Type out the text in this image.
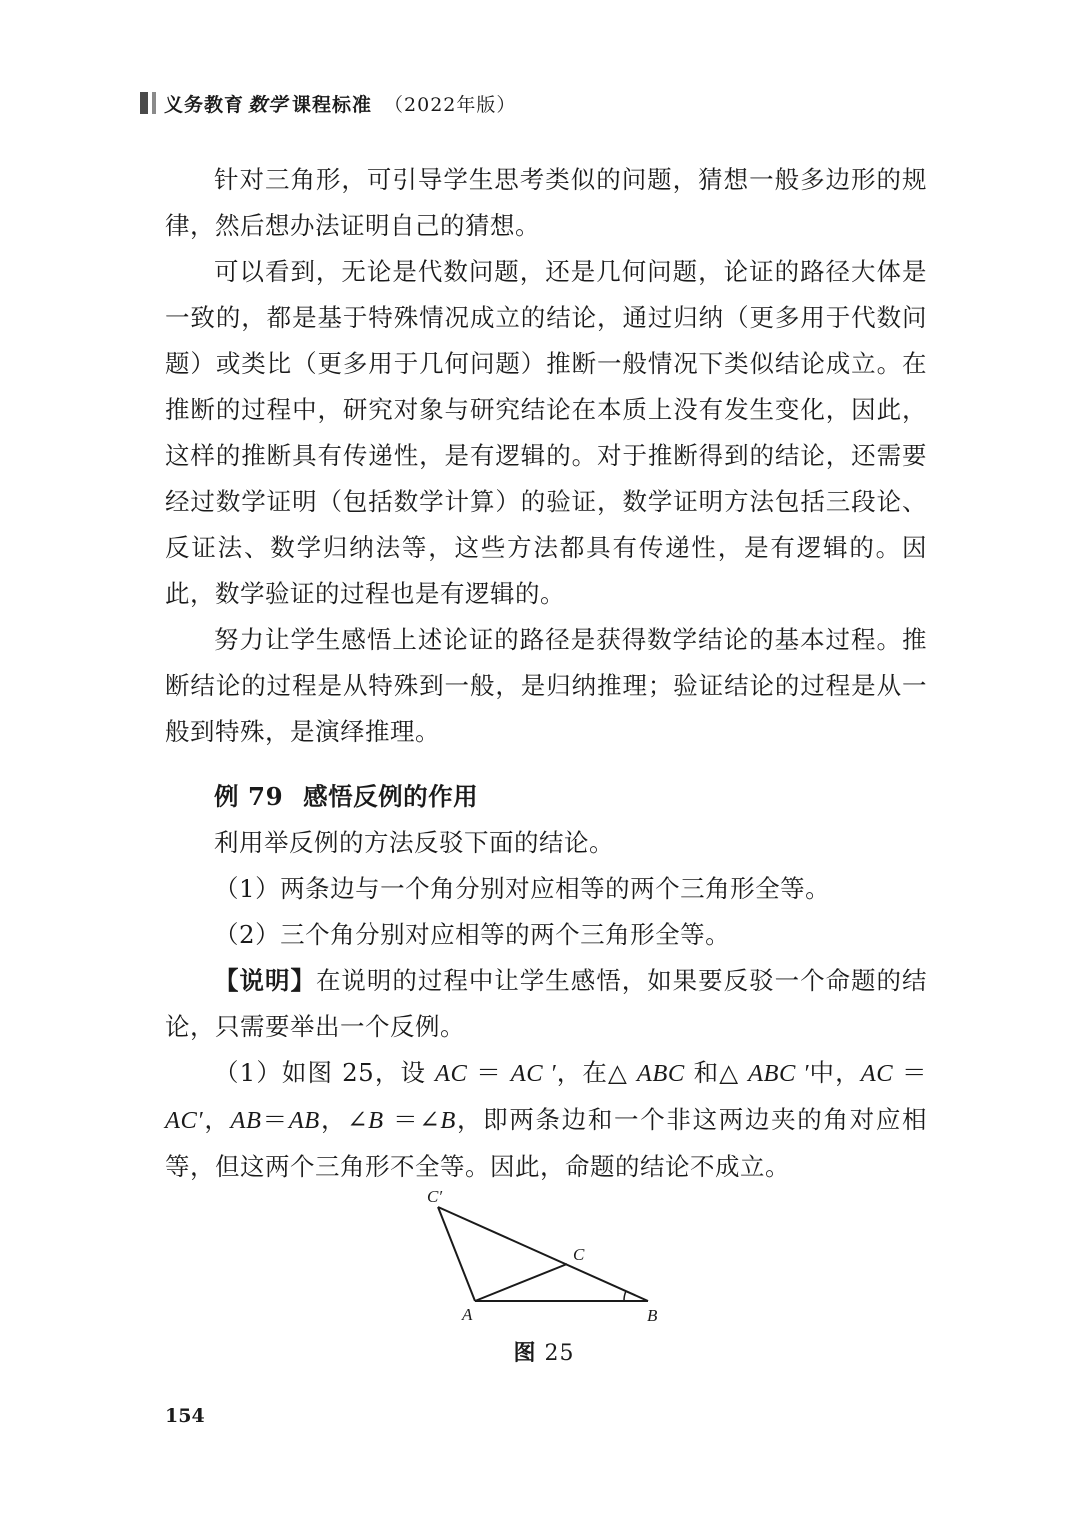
义务教育 数学 课程标准 （2022年版）

针对三角形，可引导学生思考类似的问题，猜想一般多边形的规律，然后想办法证明自己的猜想。

可以看到，无论是代数问题，还是几何问题，论证的路径大体是一致的，都是基于特殊情况成立的结论，通过归纳（更多用于代数问题）或类比（更多用于几何问题）推断一般情况下类似结论成立。在推断的过程中，研究对象与研究结论在本质上没有发生变化，因此，这样的推断具有传递性，是有逻辑的。对于推断得到的结论，还需要经过数学证明（包括数学计算）的验证，数学证明方法包括三段论、反证法、数学归纳法等，这些方法都具有传递性，是有逻辑的。因此，数学验证的过程也是有逻辑的。

努力让学生感悟上述论证的路径是获得数学结论的基本过程。推断结论的过程是从特殊到一般，是归纳推理；验证结论的过程是从一般到特殊，是演绎推理。

例 79 感悟反例的作用

利用举反例的方法反驳下面的结论。

（1）两条边与一个角分别对应相等的两个三角形全等。

（2）三个角分别对应相等的两个三角形全等。

【说明】在说明的过程中让学生感悟，如果要反驳一个命题的结论，只需要举出一个反例。

（1）如图 25，设 AC ＝ AC ′，在△ ABC 和△ ABC ′中，AC ＝AC′，AB＝AB，∠B ＝∠B，即两条边和一个非这两边夹的角对应相等，但这两个三角形不全等。因此，命题的结论不成立。

C′
C
A	B
图 25
154
